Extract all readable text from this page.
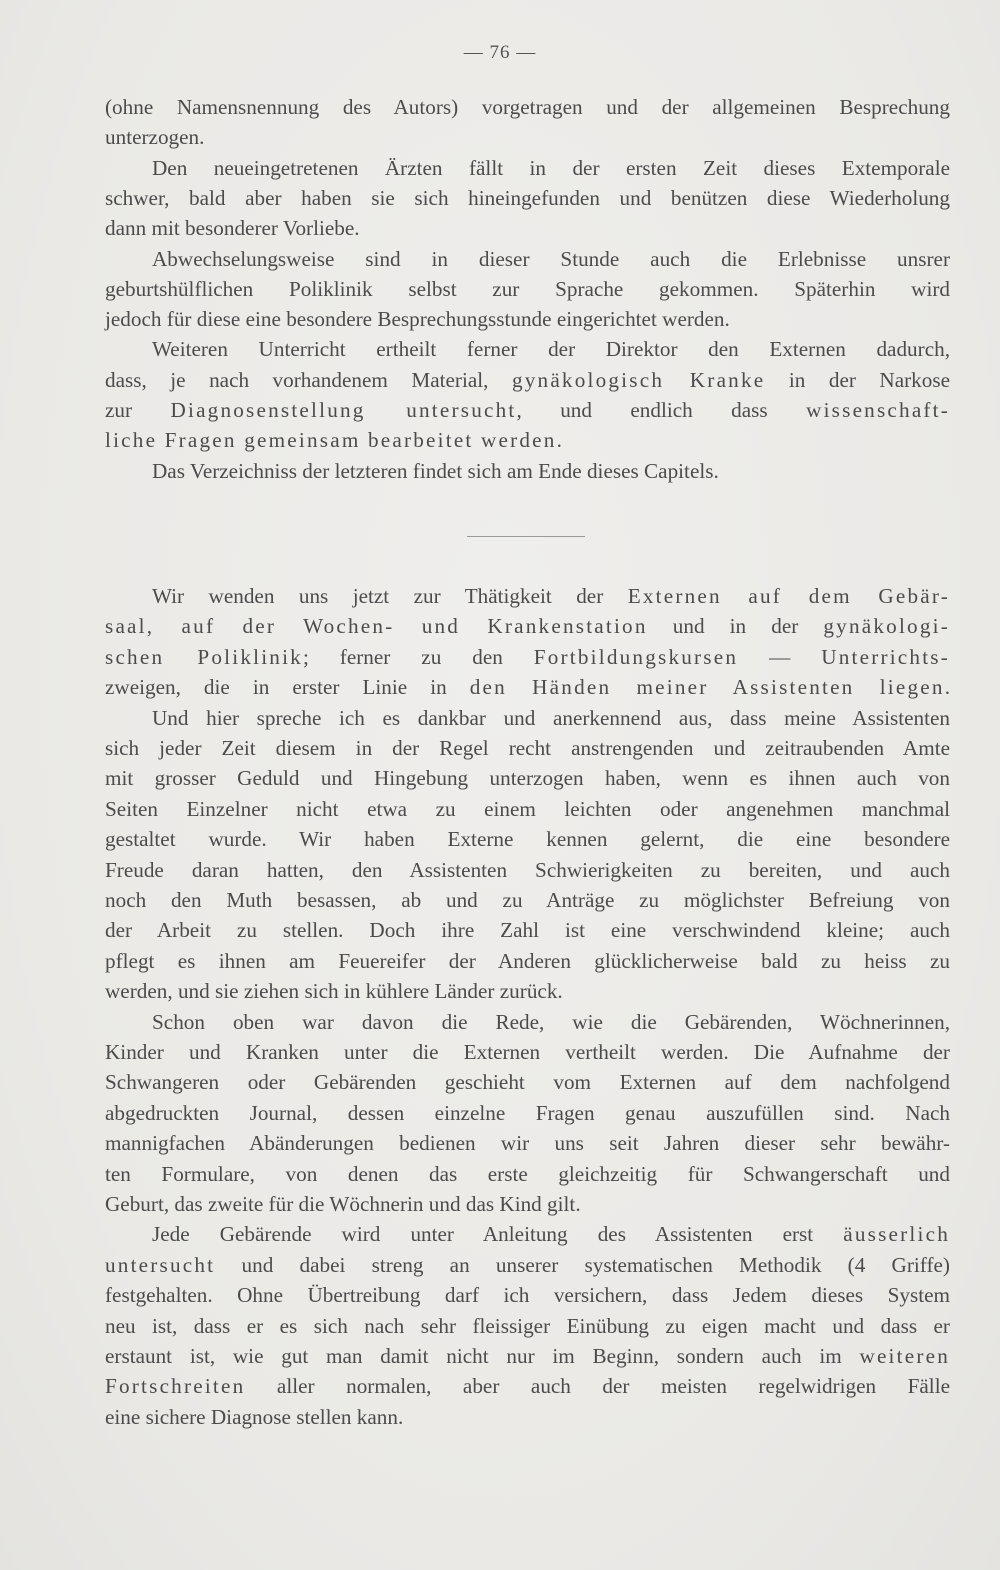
— 76 —
(ohne Namensnennung des Autors) vorgetragen und der allgemeinen Besprechung
unterzogen.
Den neueingetretenen Ärzten fällt in der ersten Zeit dieses Extemporale
schwer, bald aber haben sie sich hineingefunden und benützen diese Wiederholung
dann mit besonderer Vorliebe.
Abwechselungsweise sind in dieser Stunde auch die Erlebnisse unsrer
geburtshülflichen Poliklinik selbst zur Sprache gekommen. Späterhin wird
jedoch für diese eine besondere Besprechungsstunde eingerichtet werden.
Weiteren Unterricht ertheilt ferner der Direktor den Externen dadurch,
dass, je nach vorhandenem Material, gynäkologisch Kranke in der Narkose
zur Diagnosenstellung untersucht, und endlich dass wissenschaft-
liche Fragen gemeinsam bearbeitet werden.
Das Verzeichniss der letzteren findet sich am Ende dieses Capitels.
Wir wenden uns jetzt zur Thätigkeit der Externen auf dem Gebär-
saal, auf der Wochen- und Krankenstation und in der gynäkologi-
schen Poliklinik; ferner zu den Fortbildungskursen — Unterrichts-
zweigen, die in erster Linie in den Händen meiner Assistenten liegen.
Und hier spreche ich es dankbar und anerkennend aus, dass meine Assistenten
sich jeder Zeit diesem in der Regel recht anstrengenden und zeitraubenden Amte
mit grosser Geduld und Hingebung unterzogen haben, wenn es ihnen auch von
Seiten Einzelner nicht etwa zu einem leichten oder angenehmen manchmal
gestaltet wurde. Wir haben Externe kennen gelernt, die eine besondere
Freude daran hatten, den Assistenten Schwierigkeiten zu bereiten, und auch
noch den Muth besassen, ab und zu Anträge zu möglichster Befreiung von
der Arbeit zu stellen. Doch ihre Zahl ist eine verschwindend kleine; auch
pflegt es ihnen am Feuereifer der Anderen glücklicherweise bald zu heiss zu
werden, und sie ziehen sich in kühlere Länder zurück.
Schon oben war davon die Rede, wie die Gebärenden, Wöchnerinnen,
Kinder und Kranken unter die Externen vertheilt werden. Die Aufnahme der
Schwangeren oder Gebärenden geschieht vom Externen auf dem nachfolgend
abgedruckten Journal, dessen einzelne Fragen genau auszufüllen sind. Nach
mannigfachen Abänderungen bedienen wir uns seit Jahren dieser sehr bewähr-
ten Formulare, von denen das erste gleichzeitig für Schwangerschaft und
Geburt, das zweite für die Wöchnerin und das Kind gilt.
Jede Gebärende wird unter Anleitung des Assistenten erst äusserlich
untersucht und dabei streng an unserer systematischen Methodik (4 Griffe)
festgehalten. Ohne Übertreibung darf ich versichern, dass Jedem dieses System
neu ist, dass er es sich nach sehr fleissiger Einübung zu eigen macht und dass er
erstaunt ist, wie gut man damit nicht nur im Beginn, sondern auch im weiteren
Fortschreiten aller normalen, aber auch der meisten regelwidrigen Fälle
eine sichere Diagnose stellen kann.
